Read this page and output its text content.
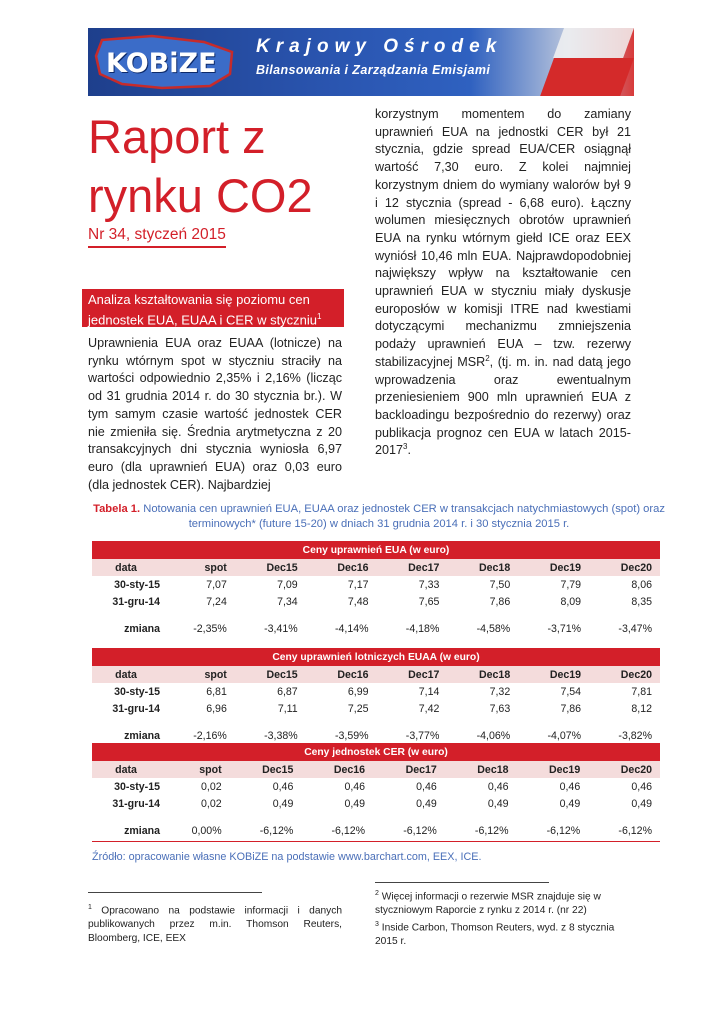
KOBiZE
Krajowy Ośrodek
Bilansowania i Zarządzania Emisjami
Raport z
rynku CO2
Nr 34, styczeń 2015
Analiza kształtowania się poziomu cen jednostek EUA, EUAA i CER w styczniu$^1$
Uprawnienia EUA oraz EUAA (lotnicze) na rynku wtórnym spot w styczniu straciły na wartości odpowiednio 2,35% i 2,16% (licząc od 31 grudnia 2014 r. do 30 stycznia br.). W tym samym czasie wartość jednostek CER nie zmieniła się. Średnia arytmetyczna z 20 transakcyjnych dni stycznia wyniosła 6,97 euro (dla uprawnień EUA) oraz 0,03 euro (dla jednostek CER). Najbardziej
korzystnym momentem do zamiany uprawnień EUA na jednostki CER był 21 stycznia, gdzie spread EUA/CER osiągnął wartość 7,30 euro. Z kolei najmniej korzystnym dniem do wymiany walorów był 9 i 12 stycznia (spread - 6,68 euro). Łączny wolumen miesięcznych obrotów uprawnień EUA na rynku wtórnym giełd ICE oraz EEX wyniósł 10,46 mln EUA. Najprawdopodobniej największy wpływ na kształtowanie cen uprawnień EUA w styczniu miały dyskusje europosłów w komisji ITRE nad kwestiami dotyczącymi mechanizmu zmniejszenia podaży uprawnień EUA – tzw. rezerwy stabilizacyjnej MSR$^2$, (tj. m. in. nad datą jego wprowadzenia oraz ewentualnym przeniesieniem 900 mln uprawnień EUA z backloadingu bezpośrednio do rezerwy) oraz publikacja prognoz cen EUA w latach 2015-2017$^3$.
Tabela 1. Notowania cen uprawnień EUA, EUAA oraz jednostek CER w transakcjach natychmiastowych (spot) oraz terminowych* (future 15-20) w dniach 31 grudnia 2014 r. i 30 stycznia 2015 r.
Ceny uprawnień EUA (w euro)							
data	spot	Dec15	Dec16	Dec17	Dec18	Dec19	Dec20
30-sty-15	7,07	7,09	7,17	7,33	7,50	7,79	8,06
31-gru-14	7,24	7,34	7,48	7,65	7,86	8,09	8,35

zmiana	-2,35%	-3,41%	-4,14%	-4,18%	-4,58%	-3,71%	-3,47%
Ceny uprawnień lotniczych EUAA (w euro)							
data	spot	Dec15	Dec16	Dec17	Dec18	Dec19	Dec20
30-sty-15	6,81	6,87	6,99	7,14	7,32	7,54	7,81
31-gru-14	6,96	7,11	7,25	7,42	7,63	7,86	8,12

zmiana	-2,16%	-3,38%	-3,59%	-3,77%	-4,06%	-4,07%	-3,82%
Ceny jednostek CER (w euro)							
data	spot	Dec15	Dec16	Dec17	Dec18	Dec19	Dec20
30-sty-15	0,02	0,46	0,46	0,46	0,46	0,46	0,46
31-gru-14	0,02	0,49	0,49	0,49	0,49	0,49	0,49

zmiana	0,00%	-6,12%	-6,12%	-6,12%	-6,12%	-6,12%	-6,12%
Źródło: opracowanie własne KOBiZE na podstawie www.barchart.com, EEX, ICE.
$^1$ Opracowano na podstawie informacji i danych publikowanych przez m.in. Thomson Reuters, Bloomberg, ICE, EEX

$^2$ Więcej informacji o rezerwie MSR znajduje się w styczniowym Raporcie z rynku z 2014 r. (nr 22)

$^3$ Inside Carbon, Thomson Reuters, wyd. z 8 stycznia 2015 r.
